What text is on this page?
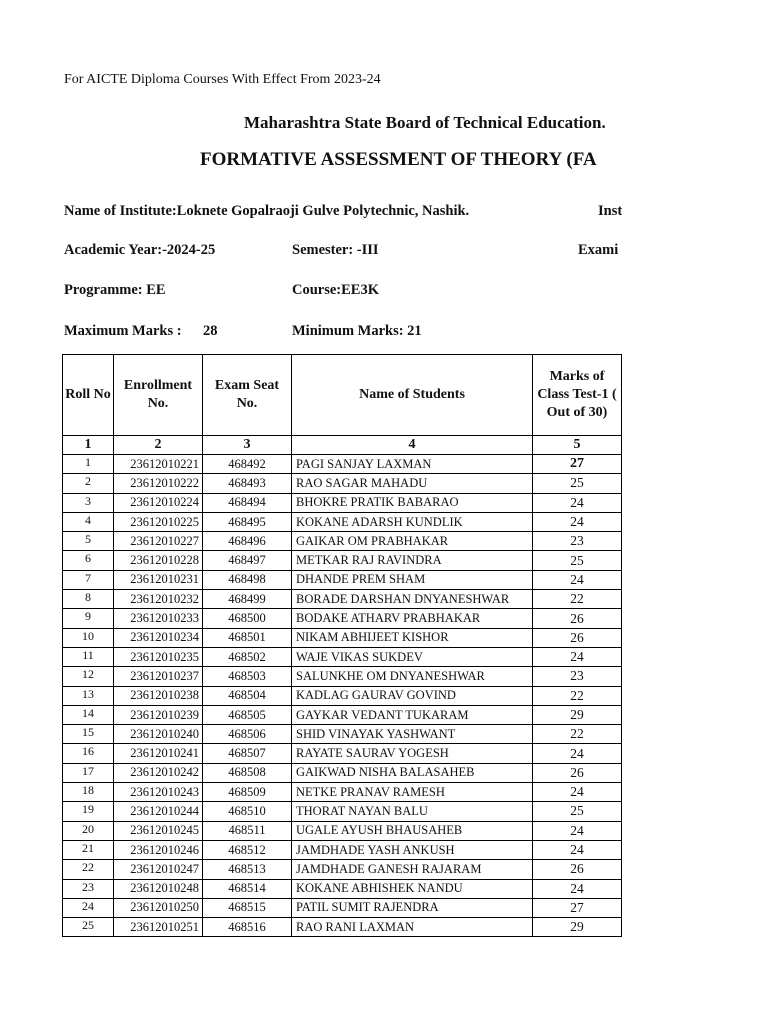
For AICTE Diploma Courses With Effect From 2023-24
Maharashtra State Board of Technical Education.
FORMATIVE ASSESSMENT OF THEORY (FA
Name of Institute:Loknete Gopalraoji Gulve Polytechnic, Nashik.	Inst
Academic Year:-2024-25	Semester: -III	Exami
Programme: EE	Course:EE3K
Maximum Marks : 28	Minimum Marks: 21
Roll No	Enrollment No.	Exam Seat No.	Name of Students	Marks of Class Test-1 ( Out of 30)
1	2	3	4	5
1	23612010221	468492	PAGI SANJAY LAXMAN	27
2	23612010222	468493	RAO SAGAR MAHADU	25
3	23612010224	468494	BHOKRE PRATIK BABARAO	24
4	23612010225	468495	KOKANE ADARSH KUNDLIK	24
5	23612010227	468496	GAIKAR OM PRABHAKAR	23
6	23612010228	468497	METKAR RAJ RAVINDRA	25
7	23612010231	468498	DHANDE PREM SHAM	24
8	23612010232	468499	BORADE DARSHAN DNYANESHWAR	22
9	23612010233	468500	BODAKE ATHARV PRABHAKAR	26
10	23612010234	468501	NIKAM ABHIJEET KISHOR	26
11	23612010235	468502	WAJE VIKAS SUKDEV	24
12	23612010237	468503	SALUNKHE OM DNYANESHWAR	23
13	23612010238	468504	KADLAG GAURAV GOVIND	22
14	23612010239	468505	GAYKAR VEDANT TUKARAM	29
15	23612010240	468506	SHID VINAYAK YASHWANT	22
16	23612010241	468507	RAYATE SAURAV YOGESH	24
17	23612010242	468508	GAIKWAD NISHA BALASAHEB	26
18	23612010243	468509	NETKE PRANAV RAMESH	24
19	23612010244	468510	THORAT NAYAN BALU	25
20	23612010245	468511	UGALE AYUSH BHAUSAHEB	24
21	23612010246	468512	JAMDHADE YASH ANKUSH	24
22	23612010247	468513	JAMDHADE GANESH RAJARAM	26
23	23612010248	468514	KOKANE ABHISHEK NANDU	24
24	23612010250	468515	PATIL SUMIT RAJENDRA	27
25	23612010251	468516	RAO RANI LAXMAN	29
